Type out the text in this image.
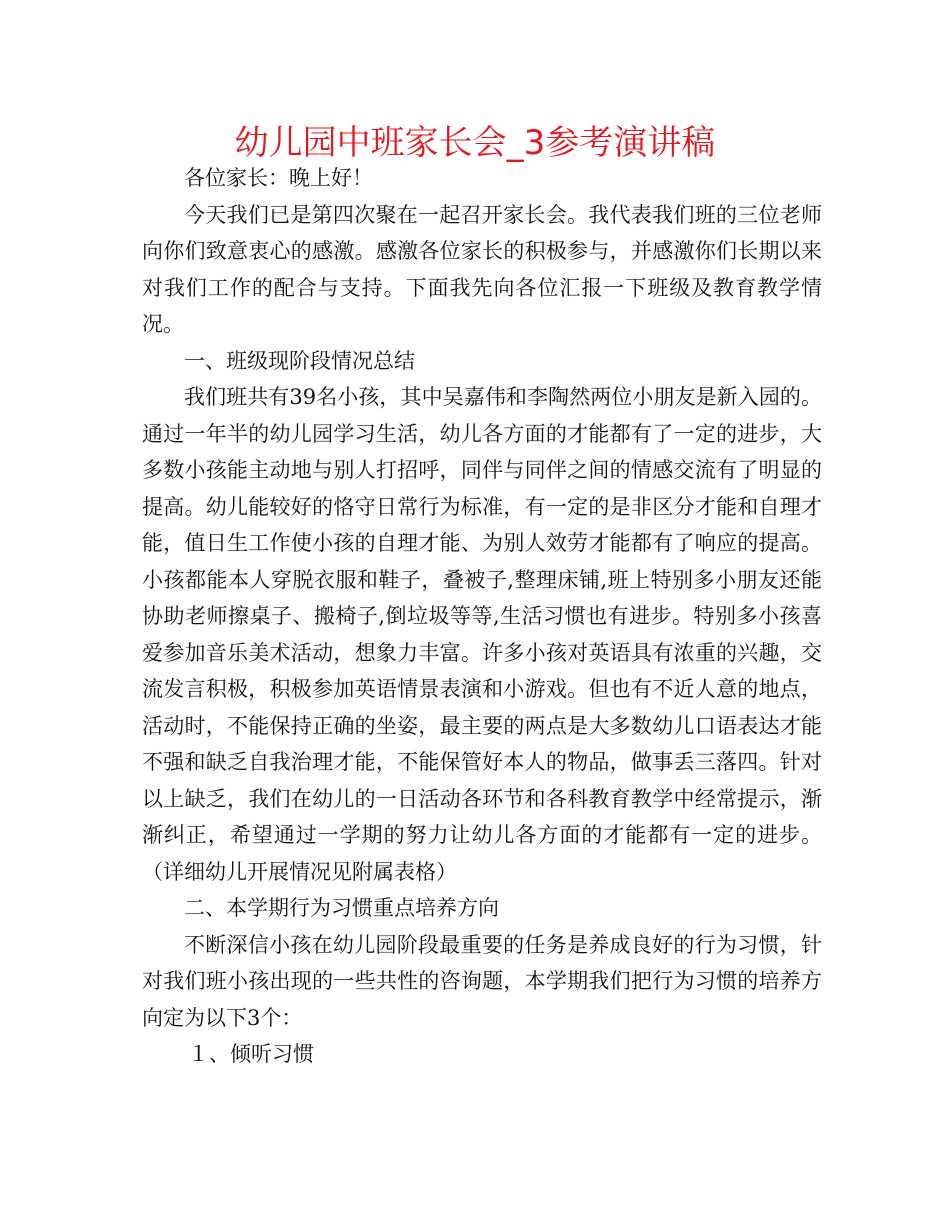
幼儿园中班家长会_3参考演讲稿

各位家长：晚上好！

今天我们已是第四次聚在一起召开家长会。我代表我们班的三位老师向你们致意衷心的感激。感激各位家长的积极参与，并感激你们长期以来对我们工作的配合与支持。下面我先向各位汇报一下班级及教育教学情况。

一、班级现阶段情况总结

我们班共有39名小孩，其中吴嘉伟和李陶然两位小朋友是新入园的。通过一年半的幼儿园学习生活，幼儿各方面的才能都有了一定的进步，大多数小孩能主动地与别人打招呼，同伴与同伴之间的情感交流有了明显的提高。幼儿能较好的恪守日常行为标准，有一定的是非区分才能和自理才能，值日生工作使小孩的自理才能、为别人效劳才能都有了响应的提高。小孩都能本人穿脱衣服和鞋子，叠被子,整理床铺,班上特别多小朋友还能协助老师擦桌子、搬椅子,倒垃圾等等,生活习惯也有进步。特别多小孩喜爱参加音乐美术活动，想象力丰富。许多小孩对英语具有浓重的兴趣，交流发言积极，积极参加英语情景表演和小游戏。但也有不近人意的地点，活动时，不能保持正确的坐姿，最主要的两点是大多数幼儿口语表达才能不强和缺乏自我治理才能，不能保管好本人的物品，做事丢三落四。针对以上缺乏，我们在幼儿的一日活动各环节和各科教育教学中经常提示，渐渐纠正，希望通过一学期的努力让幼儿各方面的才能都有一定的进步。（详细幼儿开展情况见附属表格）

二、本学期行为习惯重点培养方向

不断深信小孩在幼儿园阶段最重要的任务是养成良好的行为习惯，针对我们班小孩出现的一些共性的咨询题，本学期我们把行为习惯的培养方向定为以下3个：

１、倾听习惯
